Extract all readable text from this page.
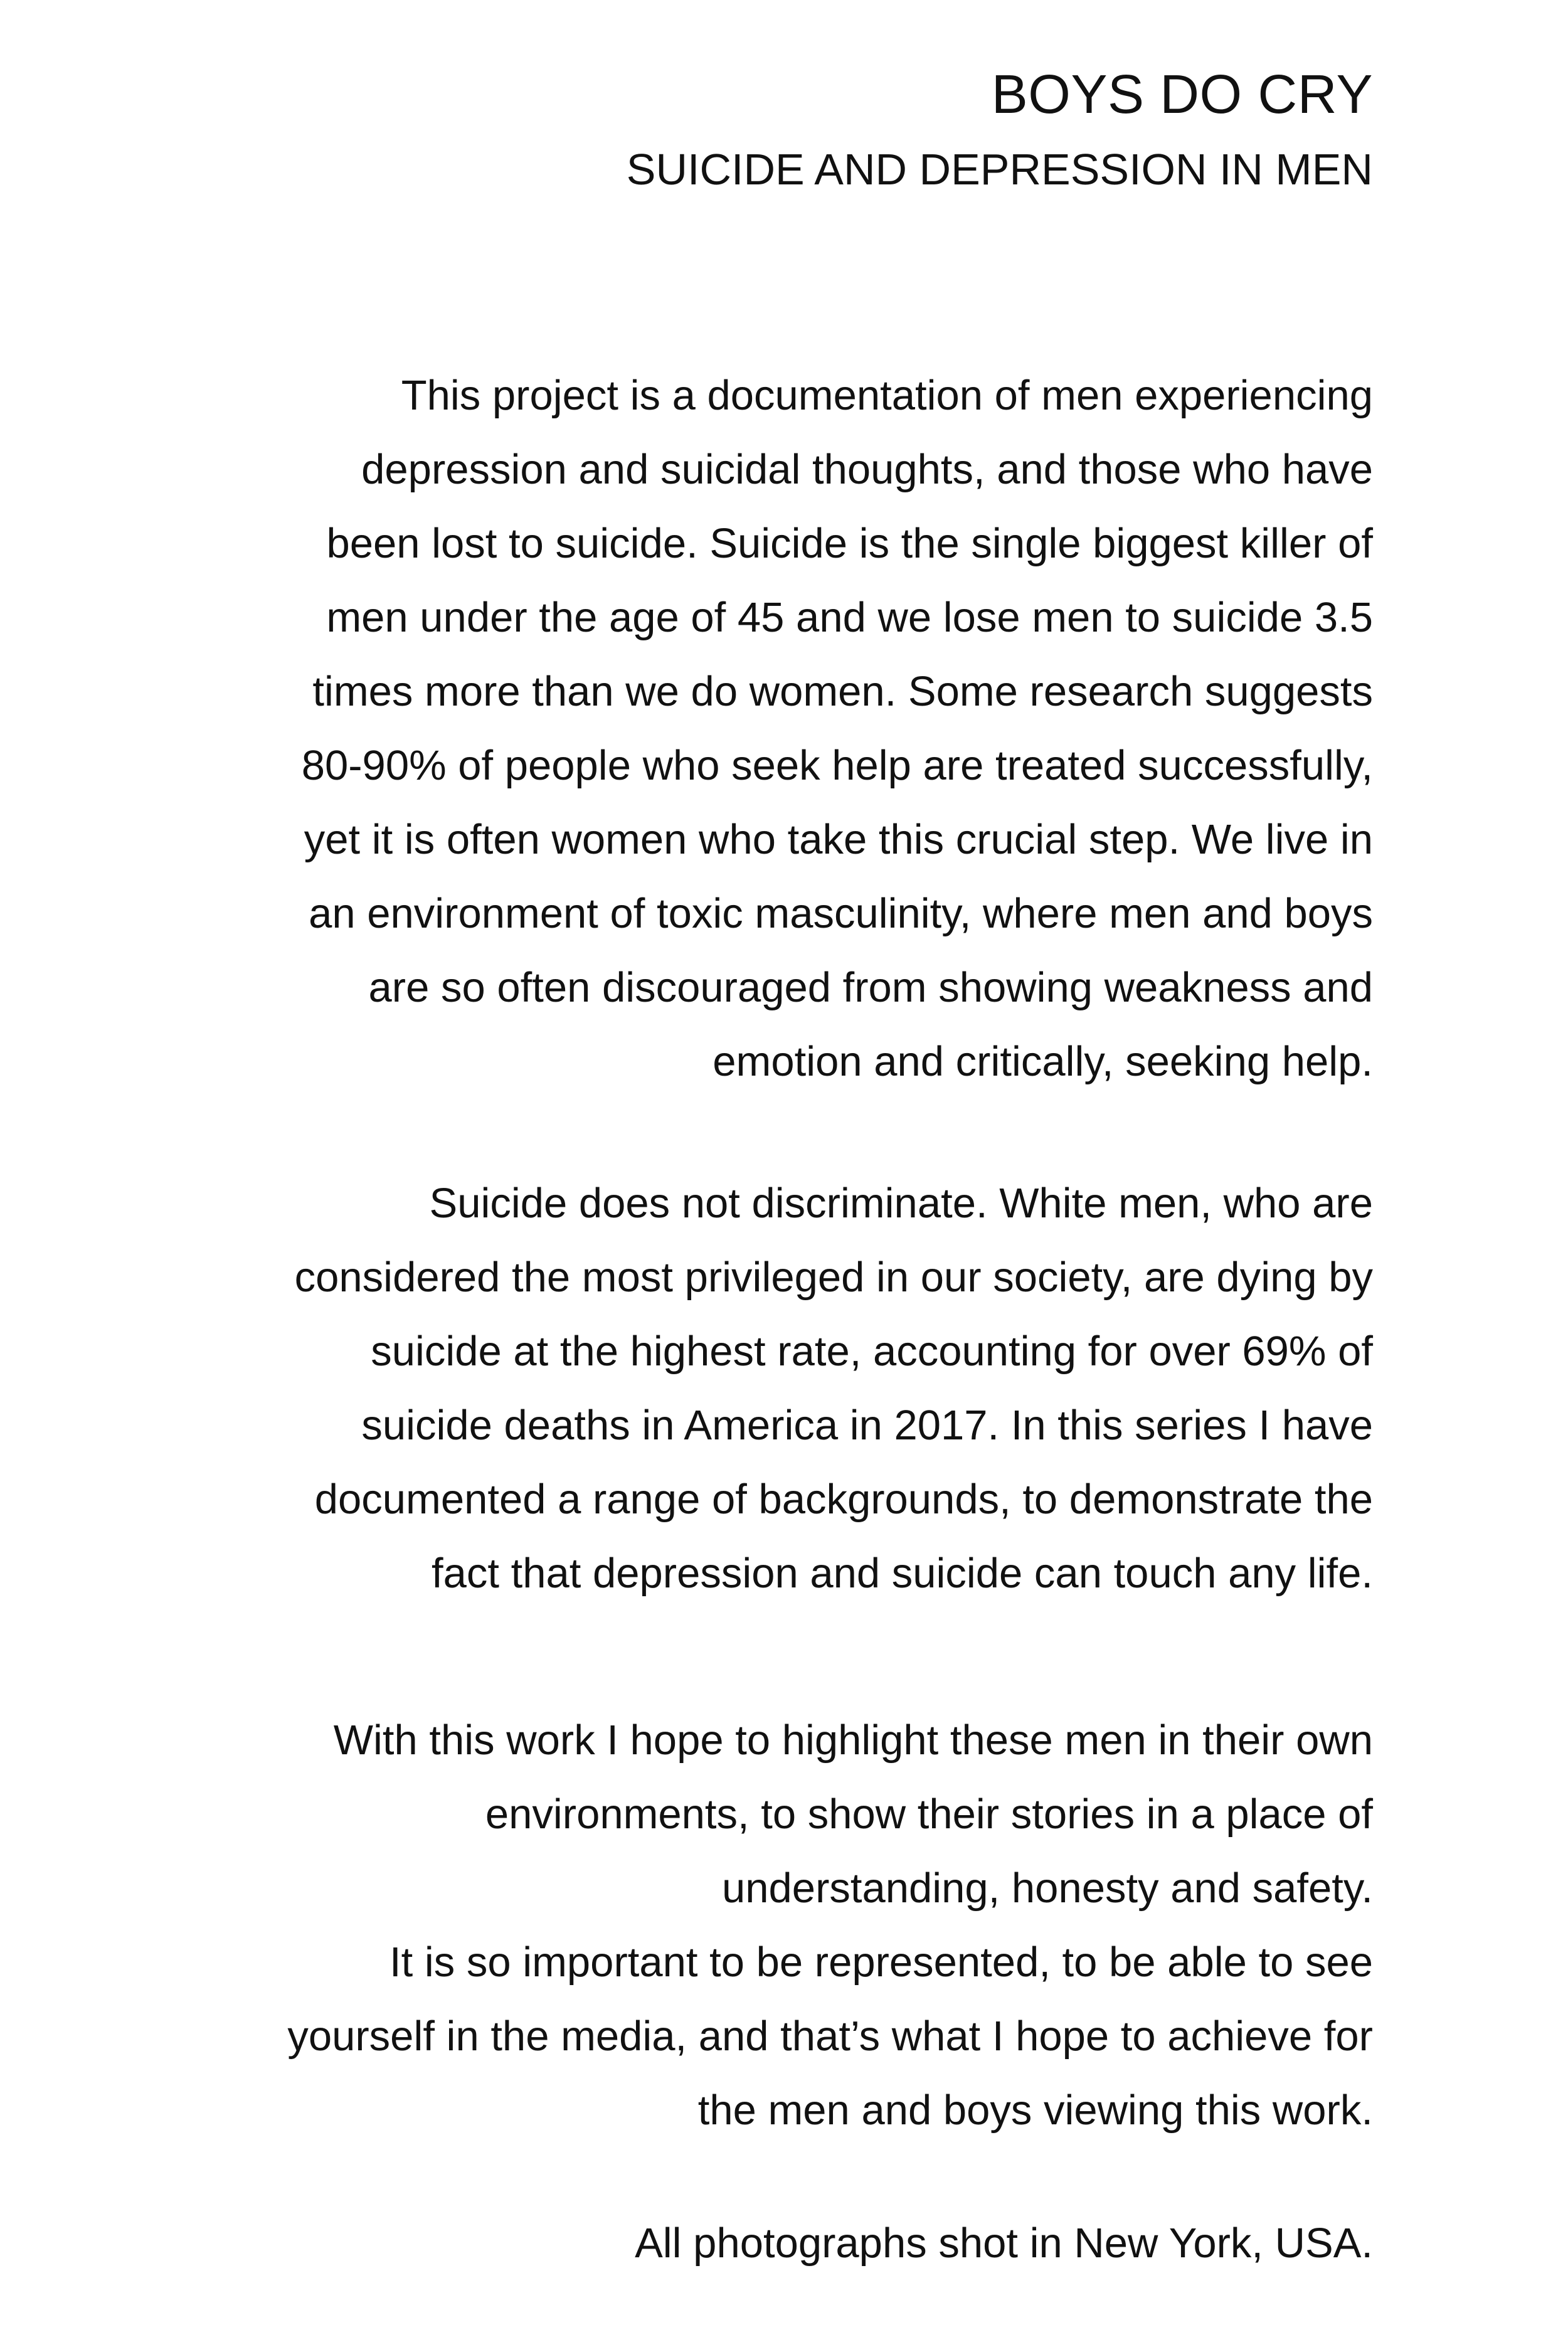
BOYS DO CRY
SUICIDE AND DEPRESSION IN MEN
This project is a documentation of men experiencing
depression and suicidal thoughts, and those who have
been lost to suicide. Suicide is the single biggest killer of
men under the age of 45 and we lose men to suicide 3.5
times more than we do women. Some research suggests
80-90% of people who seek help are treated successfully,
yet it is often women who take this crucial step. We live in
an environment of toxic masculinity, where men and boys
are so often discouraged from showing weakness and
emotion and critically, seeking help.
Suicide does not discriminate. White men, who are
considered the most privileged in our society, are dying by
suicide at the highest rate, accounting for over 69% of
suicide deaths in America in 2017. In this series I have
documented a range of backgrounds, to demonstrate the
fact that depression and suicide can touch any life.
With this work I hope to highlight these men in their own
environments, to show their stories in a place of
understanding, honesty and safety.
It is so important to be represented, to be able to see
yourself in the media, and that’s what I hope to achieve for
the men and boys viewing this work.
All photographs shot in New York, USA.
